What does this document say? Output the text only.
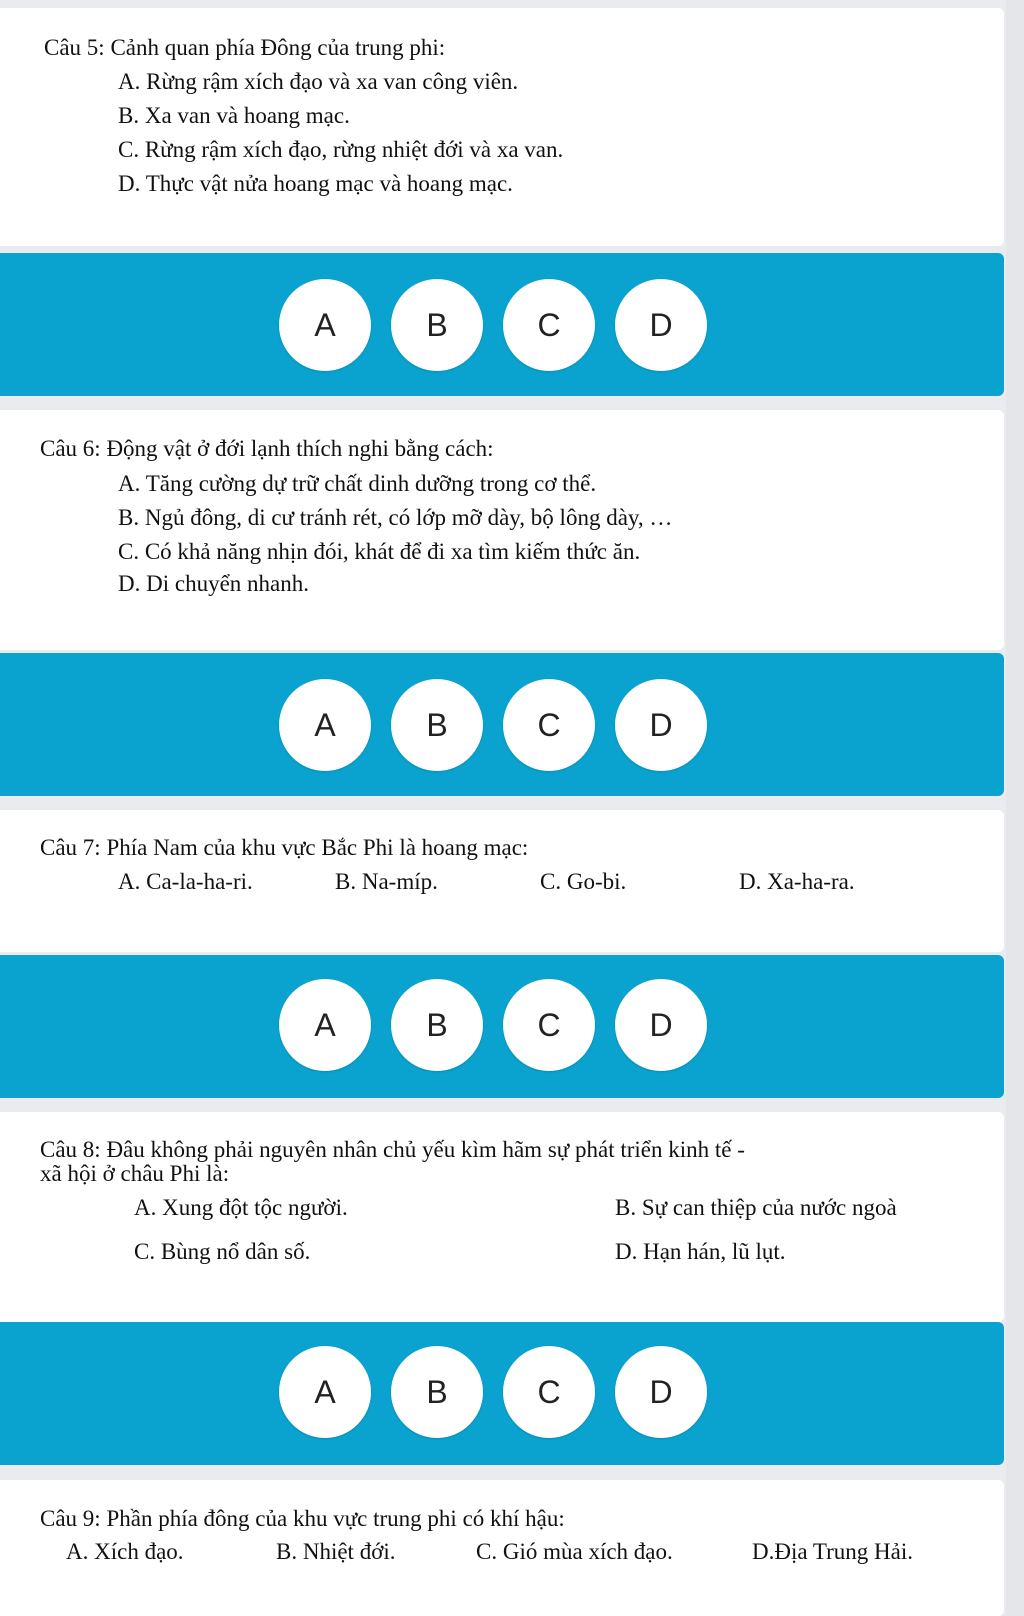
Câu 5: Cảnh quan phía Đông của trung phi:
A. Rừng rậm xích đạo và xa van công viên.
B. Xa van và hoang mạc.
C. Rừng rậm xích đạo, rừng nhiệt đới và xa van.
D. Thực vật nửa hoang mạc và hoang mạc.
A	B	C	D
Câu 6: Động vật ở đới lạnh thích nghi bằng cách:
A. Tăng cường dự trữ chất dinh dưỡng trong cơ thể.
B. Ngủ đông, di cư tránh rét, có lớp mỡ dày, bộ lông dày, …
C. Có khả năng nhịn đói, khát để đi xa tìm kiếm thức ăn.
D. Di chuyển nhanh.
A	B	C	D
Câu 7: Phía Nam của khu vực Bắc Phi là hoang mạc:
A. Ca-la-ha-ri.	B. Na-míp.	C. Go-bi.	D. Xa-ha-ra.
A	B	C	D
Câu 8: Đâu không phải nguyên nhân chủ yếu kìm hãm sự phát triển kinh tế -
xã hội ở châu Phi là:
A. Xung đột tộc người.	B. Sự can thiệp của nước ngoà
C. Bùng nổ dân số.	D. Hạn hán, lũ lụt.
A	B	C	D
Câu 9: Phần phía đông của khu vực trung phi có khí hậu:
A. Xích đạo.	B. Nhiệt đới.	C. Gió mùa xích đạo.	D.Địa Trung Hải.
